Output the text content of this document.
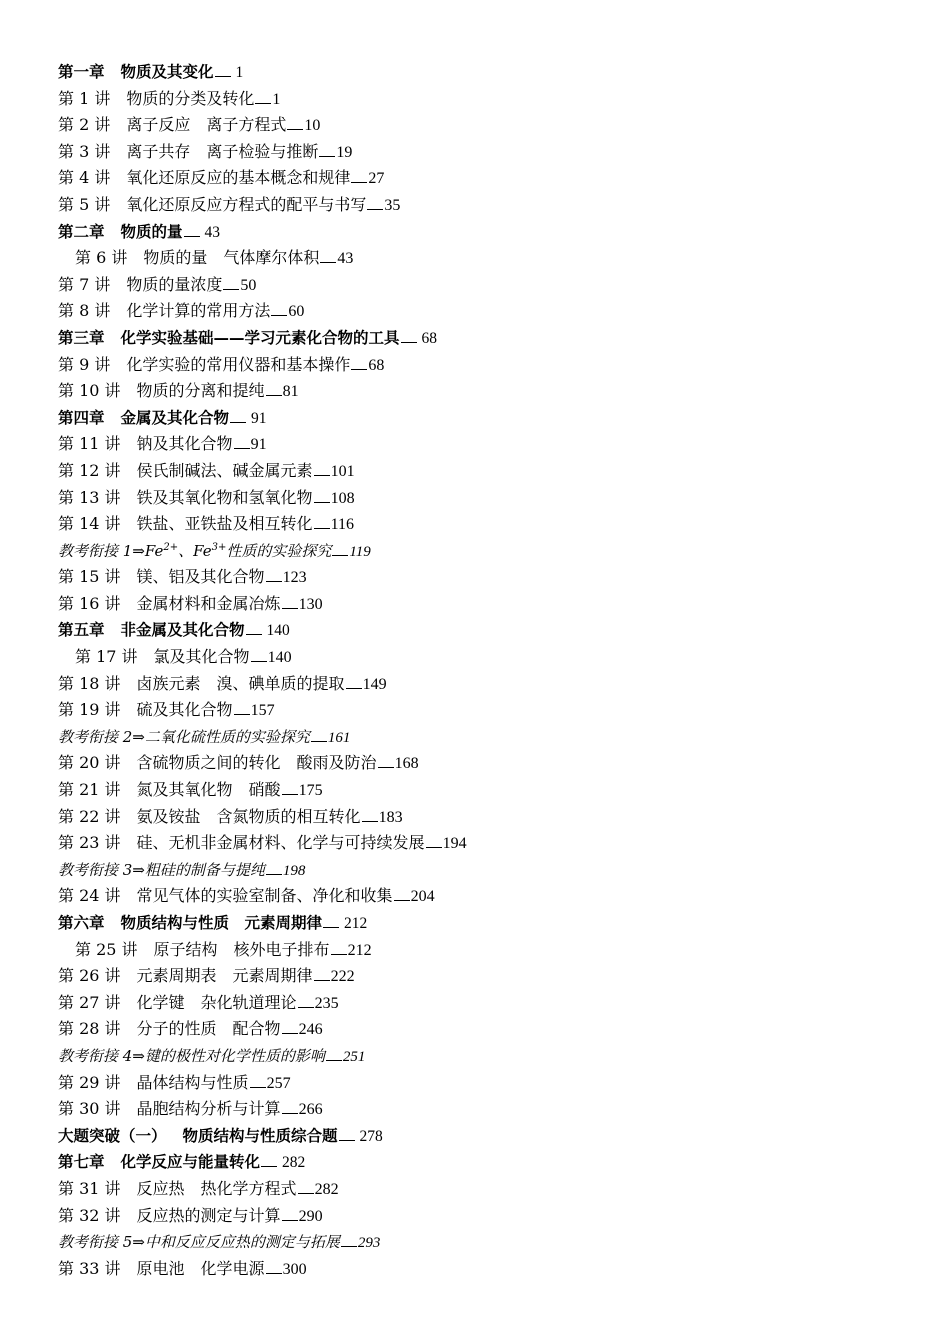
第一章 物质及其变化 1
第 1 讲 物质的分类及转化 1
第 2 讲 离子反应　离子方程式 10
第 3 讲 离子共存　离子检验与推断 19
第 4 讲 氧化还原反应的基本概念和规律 27
第 5 讲 氧化还原反应方程式的配平与书写 35
第二章 物质的量 43
第 6 讲 物质的量　气体摩尔体积 43
第 7 讲 物质的量浓度 50
第 8 讲 化学计算的常用方法 60
第三章 化学实验基础——学习元素化合物的工具 68
第 9 讲 化学实验的常用仪器和基本操作 68
第 10 讲 物质的分离和提纯 81
第四章 金属及其化合物 91
第 11 讲 钠及其化合物 91
第 12 讲 侯氏制碱法、碱金属元素 101
第 13 讲 铁及其氧化物和氢氧化物 108
第 14 讲 铁盐、亚铁盐及相互转化 116
教考衔接 $1\Rightarrow Fe^{2+}$、$Fe^{3+}$性质的实验探究 119
第 15 讲 镁、铝及其化合物 123
第 16 讲 金属材料和金属冶炼 130
第五章 非金属及其化合物 140
第 17 讲 氯及其化合物 140
第 18 讲 卤族元素　溴、碘单质的提取 149
第 19 讲 硫及其化合物 157
教考衔接 2⇒二氧化硫性质的实验探究 161
第 20 讲 含硫物质之间的转化　酸雨及防治 168
第 21 讲 氮及其氧化物　硝酸 175
第 22 讲 氨及铵盐　含氮物质的相互转化 183
第 23 讲 硅、无机非金属材料、化学与可持续发展 194
教考衔接 3⇒粗硅的制备与提纯 198
第 24 讲 常见气体的实验室制备、净化和收集 204
第六章 物质结构与性质　元素周期律 212
第 25 讲 原子结构　核外电子排布 212
第 26 讲 元素周期表　元素周期律 222
第 27 讲 化学键　杂化轨道理论 235
第 28 讲 分子的性质　配合物 246
教考衔接 4⇒键的极性对化学性质的影响 251
第 29 讲 晶体结构与性质 257
第 30 讲 晶胞结构分析与计算 266
大题突破（一） 物质结构与性质综合题 278
第七章 化学反应与能量转化 282
第 31 讲 反应热　热化学方程式 282
第 32 讲 反应热的测定与计算 290
教考衔接 5⇒中和反应反应热的测定与拓展 293
第 33 讲 原电池　化学电源 300
